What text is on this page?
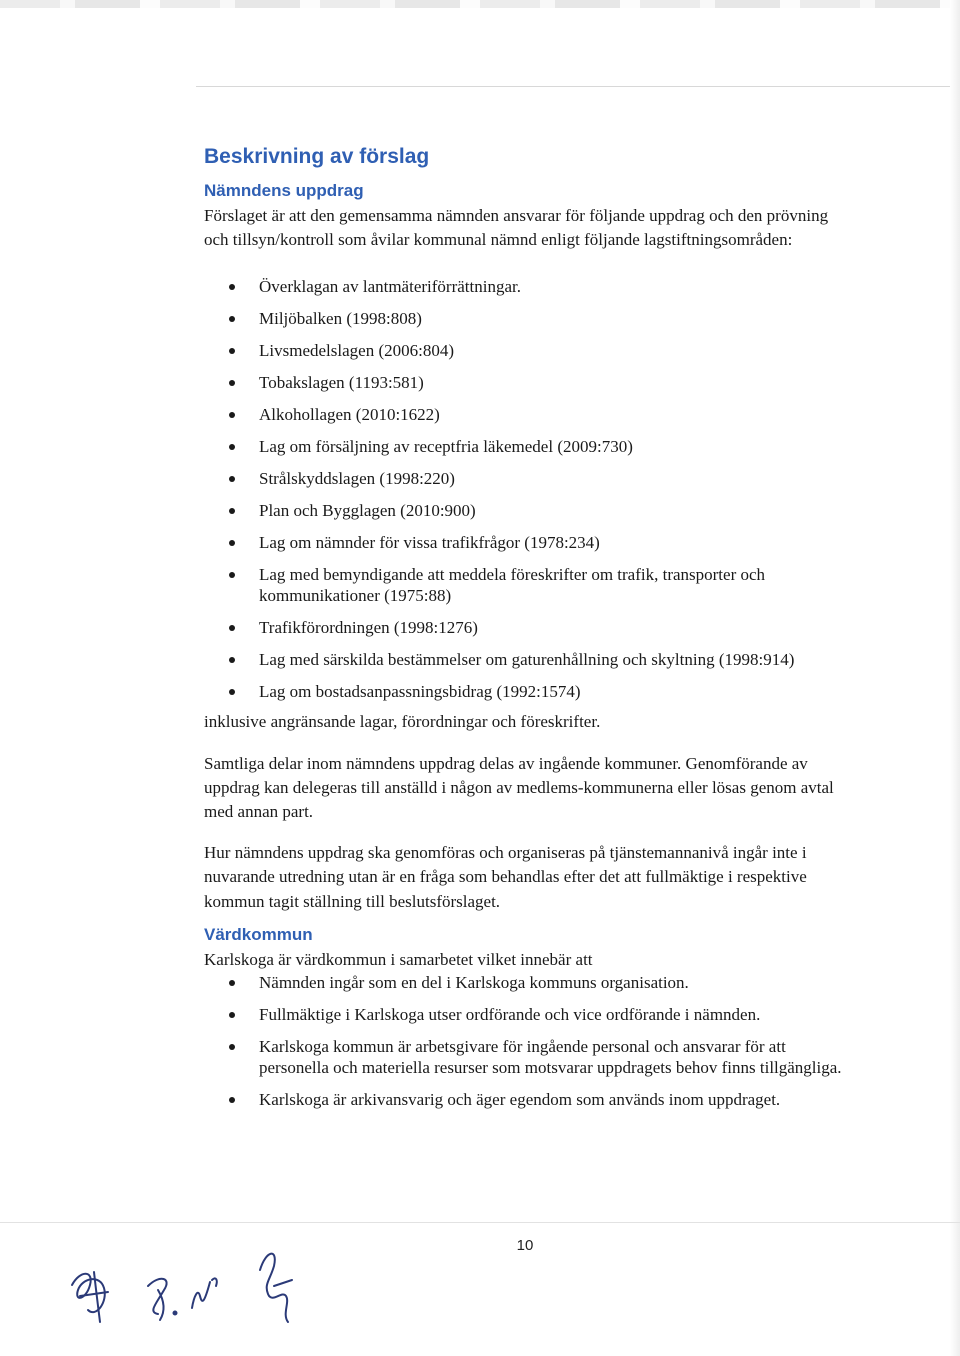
Beskrivning av förslag
Nämndens uppdrag

Förslaget är att den gemensamma nämnden ansvarar för följande uppdrag och den prövning och tillsyn/kontroll som åvilar kommunal nämnd enligt följande lagstiftningsområden:

Överklagan av lantmäteriförrättningar.
Miljöbalken (1998:808)
Livsmedelslagen (2006:804)
Tobakslagen (1193:581)
Alkohollagen (2010:1622)
Lag om försäljning av receptfria läkemedel (2009:730)
Strålskyddslagen (1998:220)
Plan och Bygglagen (2010:900)
Lag om nämnder för vissa trafikfrågor (1978:234)
Lag med bemyndigande att meddela föreskrifter om trafik, transporter och kommunikationer (1975:88)
Trafikförordningen (1998:1276)
Lag med särskilda bestämmelser om gaturenhållning och skyltning (1998:914)
Lag om bostadsanpassningsbidrag (1992:1574)

inklusive angränsande lagar, förordningar och föreskrifter.

Samtliga delar inom nämndens uppdrag delas av ingående kommuner. Genomförande av uppdrag kan delegeras till anställd i någon av medlems-kommunerna eller lösas genom avtal med annan part.

Hur nämndens uppdrag ska genomföras och organiseras på tjänstemannanivå ingår inte i nuvarande utredning utan är en fråga som behandlas efter det att fullmäktige i respektive kommun tagit ställning till beslutsförslaget.

Värdkommun

Karlskoga är värdkommun i samarbetet vilket innebär att

Nämnden ingår som en del i Karlskoga kommuns organisation.
Fullmäktige i Karlskoga utser ordförande och vice ordförande i nämnden.
Karlskoga kommun är arbetsgivare för ingående personal och ansvarar för att personella och materiella resurser som motsvarar uppdragets behov finns tillgängliga.
Karlskoga är arkivansvarig och äger egendom som används inom uppdraget.
10
